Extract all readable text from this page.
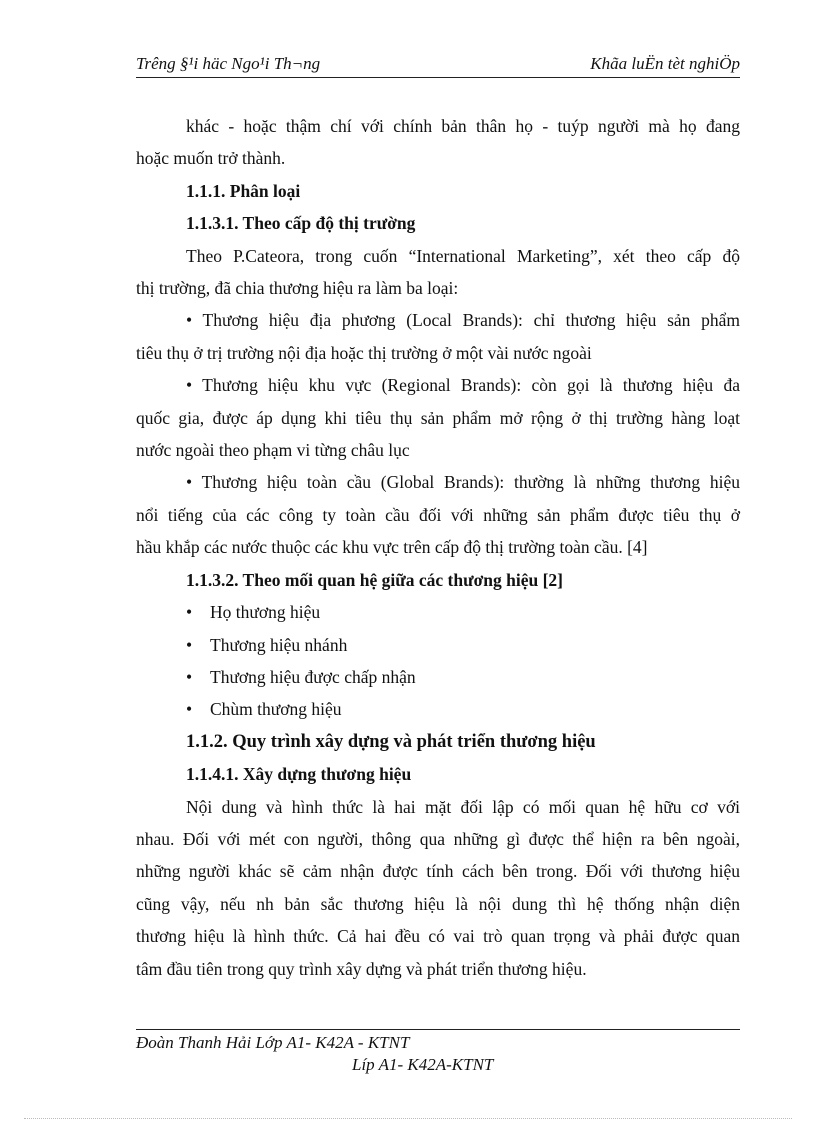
Trêng §¹i häc Ngo¹i Th¬ng	Khãa luËn tèt nghiÖp

khác - hoặc thậm chí với chính bản thân họ - tuýp người mà họ đang

hoặc muốn trở thành.

1.1.1. Phân loại

1.1.3.1. Theo cấp độ thị trường

Theo P.Cateora, trong cuốn “International Marketing”, xét theo cấp độ

thị trường, đã chia thương hiệu ra làm ba loại:

• Thương hiệu địa phương (Local Brands): chỉ thương hiệu sản phẩm

tiêu thụ ở trị trường nội địa hoặc thị trường ở một vài nước ngoài

• Thương hiệu khu vực (Regional Brands): còn gọi là thương hiệu đa

quốc gia, được áp dụng khi tiêu thụ sản phẩm mở rộng ở thị trường hàng loạt

nước ngoài theo phạm vi từng châu lục

• Thương hiệu toàn cầu (Global Brands): thường là những thương hiệu

nổi tiếng của các công ty toàn cầu đối với những sản phẩm được tiêu thụ ở

hầu khắp các nước thuộc các khu vực trên cấp độ thị trường toàn cầu. [4]

1.1.3.2. Theo mối quan hệ giữa các thương hiệu [2]

• Họ thương hiệu
• Thương hiệu nhánh
• Thương hiệu được chấp nhận
• Chùm thương hiệu

1.1.2. Quy trình xây dựng và phát triển thương hiệu

1.1.4.1. Xây dựng thương hiệu

Nội dung và hình thức là hai mặt đối lập có mối quan hệ hữu cơ với

nhau. Đối với mét con người, thông qua những gì được thể hiện ra bên ngoài,

những người khác sẽ cảm nhận được tính cách bên trong. Đối với thương hiệu

cũng vậy, nếu nh bản sắc thương hiệu là nội dung thì hệ thống nhận diện

thương hiệu là hình thức. Cả hai đều có vai trò quan trọng và phải được quan

tâm đầu tiên trong quy trình xây dựng và phát triển thương hiệu.

Đoàn Thanh Hải Lớp A1- K42A - KTNT
Líp A1- K42A-KTNT
